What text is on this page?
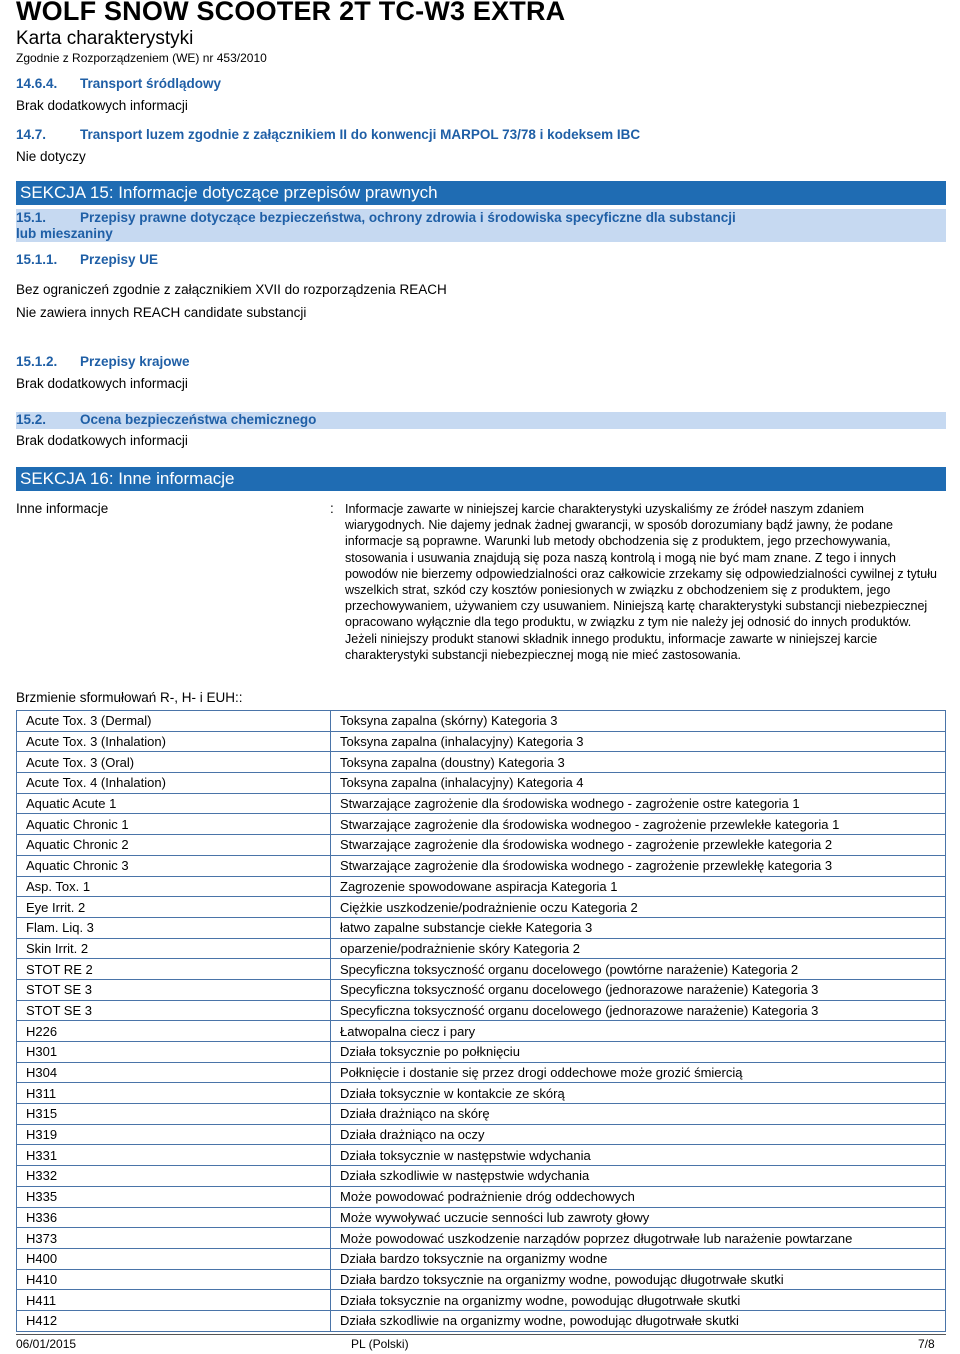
WOLF SNOW SCOOTER 2T TC-W3 EXTRA
Karta charakterystyki
Zgodnie z Rozporządzeniem (WE) nr 453/2010
14.6.4. Transport śródlądowy
Brak dodatkowych informacji
14.7.	Transport luzem zgodnie z załącznikiem II do konwencji MARPOL 73/78 i kodeksem IBC
Nie dotyczy
SEKCJA 15: Informacje dotyczące przepisów prawnych
15.1.	Przepisy prawne dotyczące bezpieczeństwa, ochrony zdrowia i środowiska specyficzne dla substancji
lub mieszaniny
15.1.1. Przepisy UE
Bez ograniczeń zgodnie z załącznikiem XVII do rozporządzenia REACH
Nie zawiera innych REACH candidate substancji
15.1.2. Przepisy krajowe
Brak dodatkowych informacji
15.2.	Ocena bezpieczeństwa chemicznego
Brak dodatkowych informacji
SEKCJA 16: Inne informacje
Inne informacje	: Informacje zawarte w niniejszej karcie charakterystyki uzyskaliśmy ze źródeł naszym zdaniem wiarygodnych. Nie dajemy jednak żadnej gwarancji, w sposób dorozumiany bądź jawny, że podane informacje są poprawne. Warunki lub metody obchodzenia się z produktem, jego przechowywania, stosowania i usuwania znajdują się poza naszą kontrolą i mogą nie być mam znane. Z tego i innych powodów nie bierzemy odpowiedzialności oraz całkowicie zrzekamy się odpowiedzialności cywilnej z tytułu wszelkich strat, szkód czy kosztów poniesionych w związku z obchodzeniem się z produktem, jego przechowywaniem, używaniem czy usuwaniem. Niniejszą kartę charakterystyki substancji niebezpiecznej opracowano wyłącznie dla tego produktu, w związku z tym nie należy jej odnosić do innych produktów. Jeżeli niniejszy produkt stanowi składnik innego produktu, informacje zawarte w niniejszej karcie charakterystyki substancji niebezpiecznej mogą nie mieć zastosowania.
Brzmienie sformułowań R-, H- i EUH::
Acute Tox. 3 (Dermal)	Toksyna zapalna (skórny) Kategoria 3
Acute Tox. 3 (Inhalation)	Toksyna zapalna (inhalacyjny) Kategoria 3
Acute Tox. 3 (Oral)	Toksyna zapalna (doustny) Kategoria 3
Acute Tox. 4 (Inhalation)	Toksyna zapalna (inhalacyjny) Kategoria 4
Aquatic Acute 1	Stwarzające zagrożenie dla środowiska wodnego - zagrożenie ostre kategoria 1
Aquatic Chronic 1	Stwarzające zagrożenie dla środowiska wodnegoo - zagrożenie przewlekłe kategoria 1
Aquatic Chronic 2	Stwarzające zagrożenie dla środowiska wodnego - zagrożenie przewlekłe kategoria 2
Aquatic Chronic 3	Stwarzające zagrożenie dla środowiska wodnego - zagrożenie przewlekłę kategoria 3
Asp. Tox. 1	Zagrozenie spowodowane aspiracja Kategoria 1
Eye Irrit. 2	Ciężkie uszkodzenie/podrażnienie oczu Kategoria 2
Flam. Liq. 3	łatwo zapalne substancje ciekłe Kategoria 3
Skin Irrit. 2	oparzenie/podrażnienie skóry Kategoria 2
STOT RE 2	Specyficzna toksyczność organu docelowego (powtórne narażenie) Kategoria 2
STOT SE 3	Specyficzna toksyczność organu docelowego (jednorazowe narażenie) Kategoria 3
STOT SE 3	Specyficzna toksyczność organu docelowego (jednorazowe narażenie) Kategoria 3
H226	Łatwopalna ciecz i pary
H301	Działa toksycznie po połknięciu
H304	Połknięcie i dostanie się przez drogi oddechowe może grozić śmiercią
H311	Działa toksycznie w kontakcie ze skórą
H315	Działa drażniąco na skórę
H319	Działa drażniąco na oczy
H331	Działa toksycznie w następstwie wdychania
H332	Działa szkodliwie w następstwie wdychania
H335	Może powodować podrażnienie dróg oddechowych
H336	Może wywoływać uczucie senności lub zawroty głowy
H373	Może powodować uszkodzenie narządów poprzez długotrwałe lub narażenie powtarzane
H400	Działa bardzo toksycznie na organizmy wodne
H410	Działa bardzo toksycznie na organizmy wodne, powodując długotrwałe skutki
H411	Działa toksycznie na organizmy wodne, powodując długotrwałe skutki
H412	Działa szkodliwie na organizmy wodne, powodując długotrwałe skutki
06/01/2015	PL (Polski)	7/8
